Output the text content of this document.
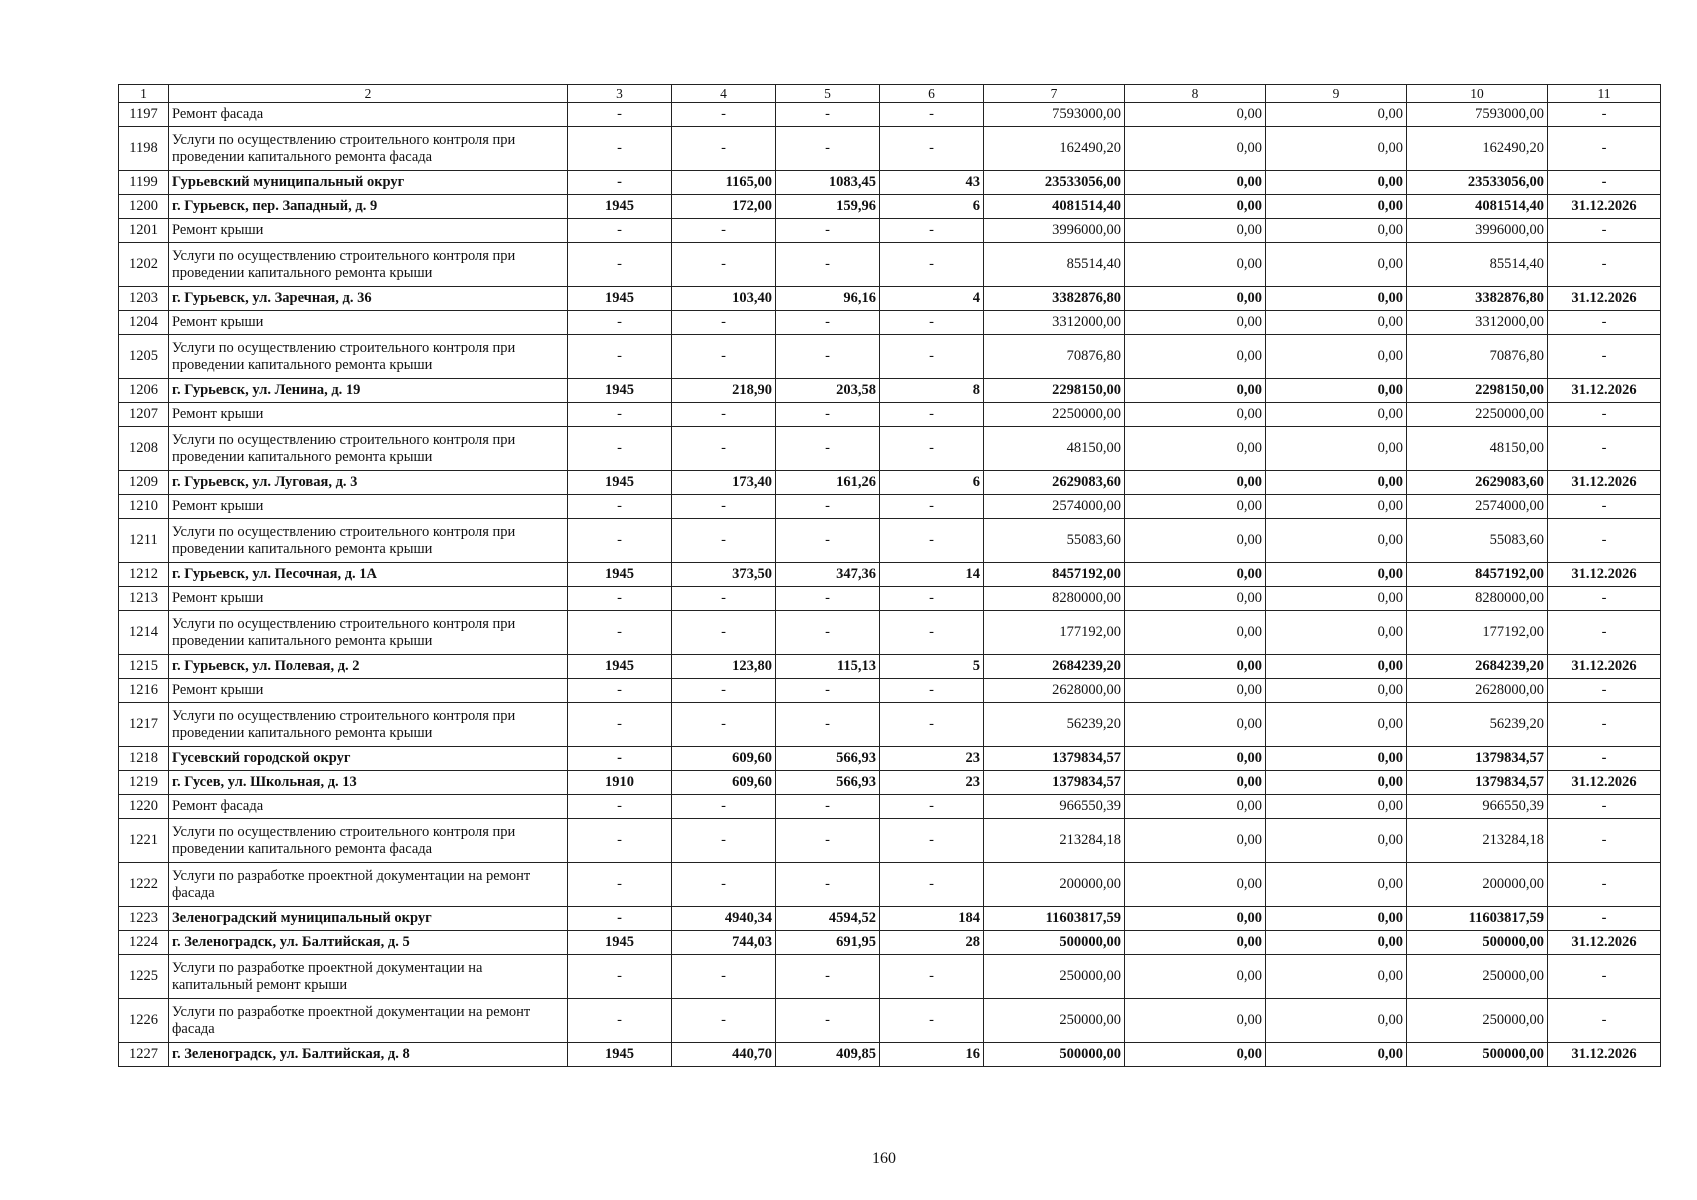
1	2	3	4	5	6	7	8	9	10	11
1197	Ремонт фасада	-	-	-	-	7593000,00	0,00	0,00	7593000,00	-
1198	Услуги по осуществлению строительного контроля при проведении капитального ремонта фасада	-	-	-	-	162490,20	0,00	0,00	162490,20	-
1199	Гурьевский муниципальный округ	-	1165,00	1083,45	43	23533056,00	0,00	0,00	23533056,00	-
1200	г. Гурьевск, пер. Западный, д. 9	1945	172,00	159,96	6	4081514,40	0,00	0,00	4081514,40	31.12.2026
1201	Ремонт крыши	-	-	-	-	3996000,00	0,00	0,00	3996000,00	-
1202	Услуги по осуществлению строительного контроля при проведении капитального ремонта крыши	-	-	-	-	85514,40	0,00	0,00	85514,40	-
1203	г. Гурьевск, ул. Заречная, д. 36	1945	103,40	96,16	4	3382876,80	0,00	0,00	3382876,80	31.12.2026
1204	Ремонт крыши	-	-	-	-	3312000,00	0,00	0,00	3312000,00	-
1205	Услуги по осуществлению строительного контроля при проведении капитального ремонта крыши	-	-	-	-	70876,80	0,00	0,00	70876,80	-
1206	г. Гурьевск, ул. Ленина, д. 19	1945	218,90	203,58	8	2298150,00	0,00	0,00	2298150,00	31.12.2026
1207	Ремонт крыши	-	-	-	-	2250000,00	0,00	0,00	2250000,00	-
1208	Услуги по осуществлению строительного контроля при проведении капитального ремонта крыши	-	-	-	-	48150,00	0,00	0,00	48150,00	-
1209	г. Гурьевск, ул. Луговая, д. 3	1945	173,40	161,26	6	2629083,60	0,00	0,00	2629083,60	31.12.2026
1210	Ремонт крыши	-	-	-	-	2574000,00	0,00	0,00	2574000,00	-
1211	Услуги по осуществлению строительного контроля при проведении капитального ремонта крыши	-	-	-	-	55083,60	0,00	0,00	55083,60	-
1212	г. Гурьевск, ул. Песочная, д. 1А	1945	373,50	347,36	14	8457192,00	0,00	0,00	8457192,00	31.12.2026
1213	Ремонт крыши	-	-	-	-	8280000,00	0,00	0,00	8280000,00	-
1214	Услуги по осуществлению строительного контроля при проведении капитального ремонта крыши	-	-	-	-	177192,00	0,00	0,00	177192,00	-
1215	г. Гурьевск, ул. Полевая, д. 2	1945	123,80	115,13	5	2684239,20	0,00	0,00	2684239,20	31.12.2026
1216	Ремонт крыши	-	-	-	-	2628000,00	0,00	0,00	2628000,00	-
1217	Услуги по осуществлению строительного контроля при проведении капитального ремонта крыши	-	-	-	-	56239,20	0,00	0,00	56239,20	-
1218	Гусевский городской округ	-	609,60	566,93	23	1379834,57	0,00	0,00	1379834,57	-
1219	г. Гусев, ул. Школьная, д. 13	1910	609,60	566,93	23	1379834,57	0,00	0,00	1379834,57	31.12.2026
1220	Ремонт фасада	-	-	-	-	966550,39	0,00	0,00	966550,39	-
1221	Услуги по осуществлению строительного контроля при проведении капитального ремонта фасада	-	-	-	-	213284,18	0,00	0,00	213284,18	-
1222	Услуги по разработке проектной документации на ремонт фасада	-	-	-	-	200000,00	0,00	0,00	200000,00	-
1223	Зеленоградский муниципальный округ	-	4940,34	4594,52	184	11603817,59	0,00	0,00	11603817,59	-
1224	г. Зеленоградск, ул. Балтийская, д. 5	1945	744,03	691,95	28	500000,00	0,00	0,00	500000,00	31.12.2026
1225	Услуги по разработке проектной документации на капитальный ремонт крыши	-	-	-	-	250000,00	0,00	0,00	250000,00	-
1226	Услуги по разработке проектной документации на ремонт фасада	-	-	-	-	250000,00	0,00	0,00	250000,00	-
1227	г. Зеленоградск, ул. Балтийская, д. 8	1945	440,70	409,85	16	500000,00	0,00	0,00	500000,00	31.12.2026
160
